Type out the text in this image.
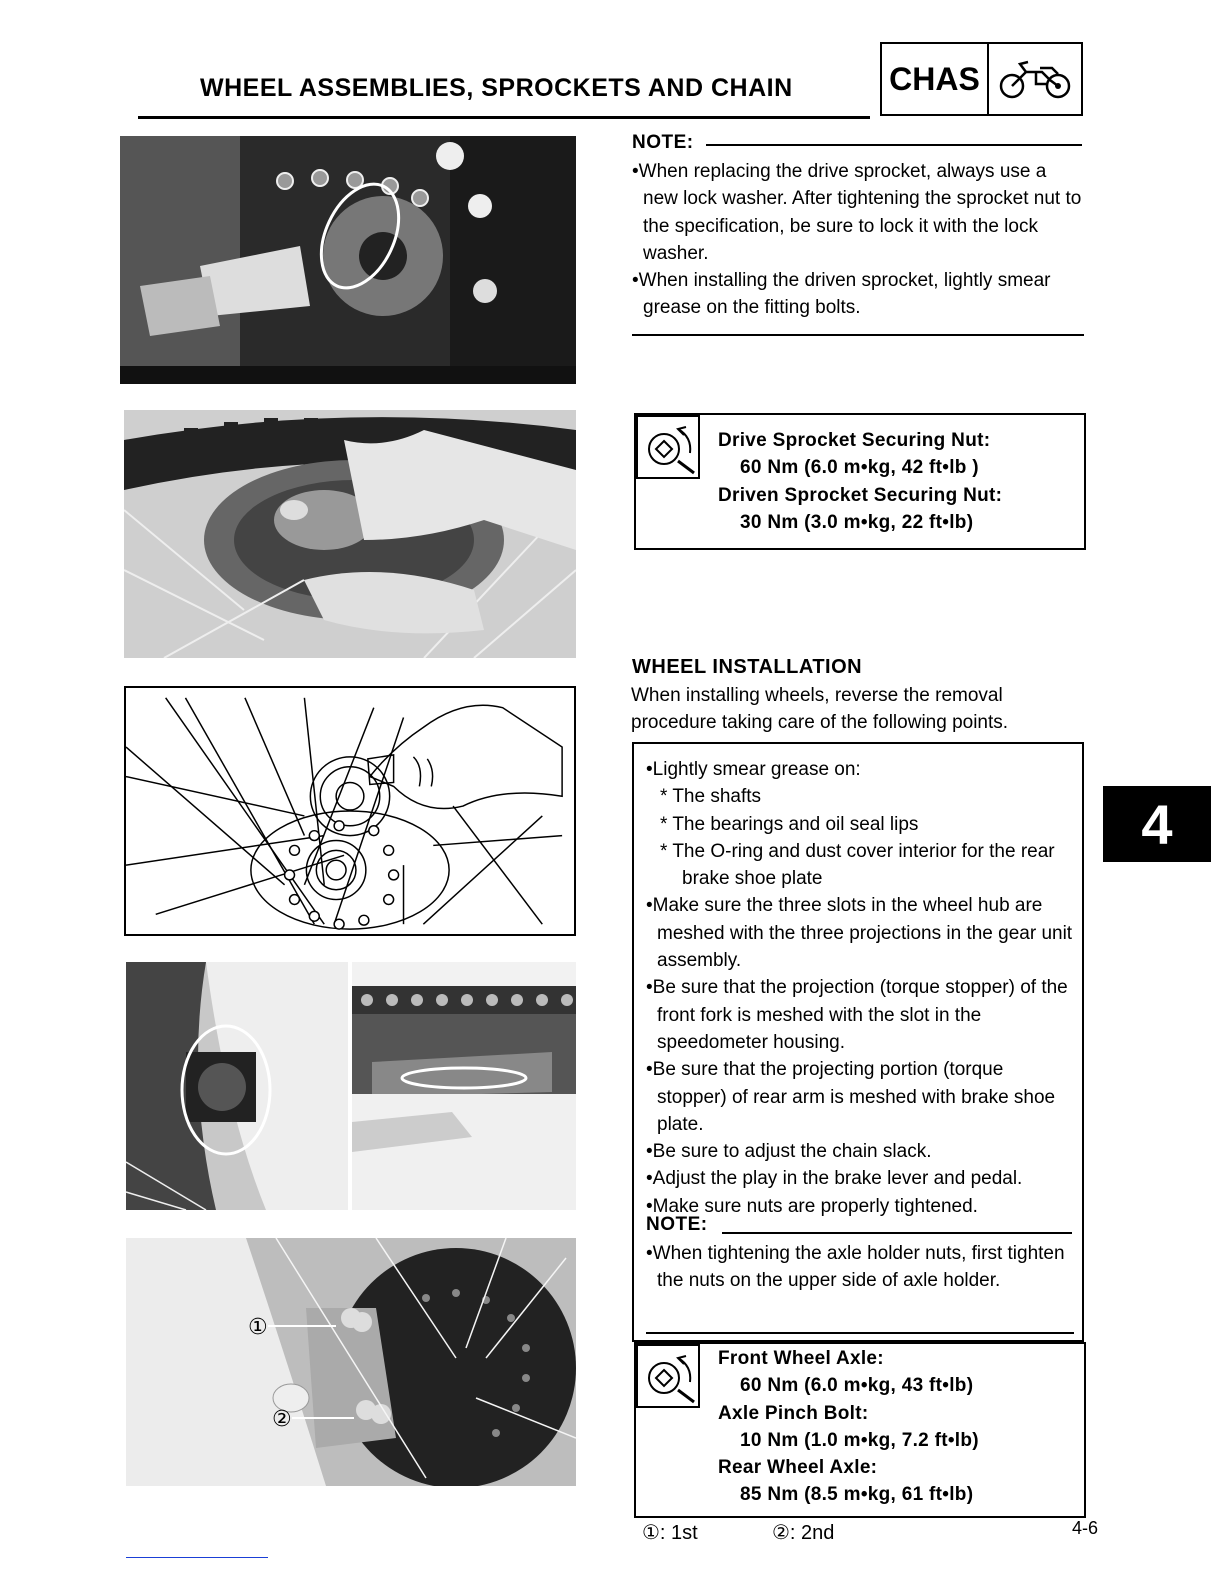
WHEEL ASSEMBLIES, SPROCKETS AND CHAIN	CHAS
①
②
NOTE:
•When replacing the drive sprocket, always use a new lock washer. After tightening the sprocket nut to the specification, be sure to lock it with the lock washer.
•When installing the driven sprocket, lightly smear grease on the fitting bolts.
Drive Sprocket Securing Nut:
60 Nm (6.0 m•kg, 42 ft•lb )
Driven Sprocket Securing Nut:
30 Nm (3.0 m•kg, 22 ft•lb)
WHEEL INSTALLATION
When installing wheels, reverse the removal procedure taking care of the following points.
•Lightly smear grease on:
* The shafts
* The bearings and oil seal lips
* The O-ring and dust cover interior for the rear brake shoe plate
•Make sure the three slots in the wheel hub are meshed with the three projections in the gear unit assembly.
•Be sure that the projection (torque stopper) of the front fork is meshed with the slot in the speedometer housing.
•Be sure that the projecting portion (torque stopper) of rear arm is meshed with brake shoe plate.
•Be sure to adjust the chain slack.
•Adjust the play in the brake lever and pedal.
•Make sure nuts are properly tightened.
NOTE:
•When tightening the axle holder nuts, first tighten the nuts on the upper side of axle holder.
Front Wheel Axle:
60 Nm (6.0 m•kg, 43 ft•lb)
Axle Pinch Bolt:
10 Nm (1.0 m•kg, 7.2 ft•lb)
Rear Wheel Axle:
85 Nm (8.5 m•kg, 61 ft•lb)
4
①: 1st	②: 2nd	4-6
